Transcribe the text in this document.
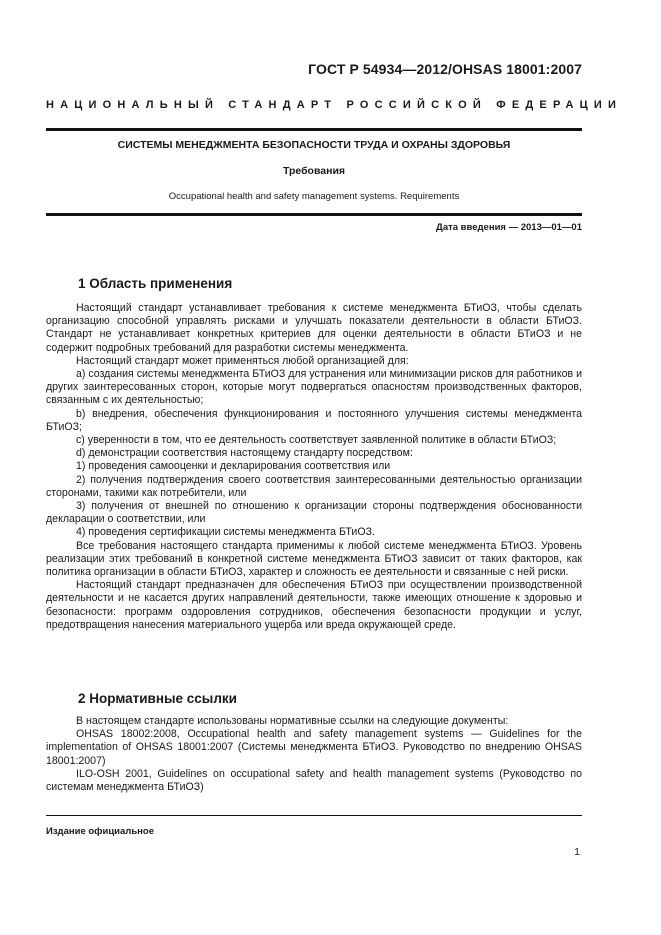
ГОСТ Р 54934—2012/OHSAS 18001:2007
НАЦИОНАЛЬНЫЙ СТАНДАРТ РОССИЙСКОЙ ФЕДЕРАЦИИ
СИСТЕМЫ МЕНЕДЖМЕНТА БЕЗОПАСНОСТИ ТРУДА И ОХРАНЫ ЗДОРОВЬЯ
Требования
Occupational health and safety management systems. Requirements
Дата введения — 2013—01—01
1 Область применения

Настоящий стандарт устанавливает требования к системе менеджмента БТиОЗ, чтобы сделать организацию способной управлять рисками и улучшать показатели деятельности в области БТиОЗ. Стандарт не устанавливает конкретных критериев для оценки деятельности в области БТиОЗ и не содержит подробных требований для разработки системы менеджмента.

Настоящий стандарт может применяться любой организацией для:

а) создания системы менеджмента БТиОЗ для устранения или минимизации рисков для работников и других заинтересованных сторон, которые могут подвергаться опасностям производственных факторов, связанным с их деятельностью;

b) внедрения, обеспечения функционирования и постоянного улучшения системы менеджмента БТиОЗ;

c) уверенности в том, что ее деятельность соответствует заявленной политике в области БТиОЗ;

d) демонстрации соответствия настоящему стандарту посредством:

1) проведения самооценки и декларирования соответствия или

2) получения подтверждения своего соответствия заинтересованными деятельностью организации сторонами, такими как потребители, или

3) получения от внешней по отношению к организации стороны подтверждения обоснованности декларации о соответствии, или

4) проведения сертификации системы менеджмента БТиОЗ.

Все требования настоящего стандарта применимы к любой системе менеджмента БТиОЗ. Уровень реализации этих требований в конкретной системе менеджмента БТиОЗ зависит от таких факторов, как политика организации в области БТиОЗ, характер и сложность ее деятельности и связанные с ней риски.

Настоящий стандарт предназначен для обеспечения БТиОЗ при осуществлении производственной деятельности и не касается других направлений деятельности, также имеющих отношение к здоровью и безопасности: программ оздоровления сотрудников, обеспечения безопасности продукции и услуг, предотвращения нанесения материального ущерба или вреда окружающей среде.

2 Нормативные ссылки

В настоящем стандарте использованы нормативные ссылки на следующие документы:

OHSAS 18002:2008, Occupational health and safety management systems — Guidelines for the implementation of OHSAS 18001:2007 (Системы менеджмента БТиОЗ. Руководство по внедрению OHSAS 18001:2007)

ILO-OSH 2001, Guidelines on occupational safety and health management systems (Руководство по системам менеджмента БТиОЗ)

Издание официальное
1
